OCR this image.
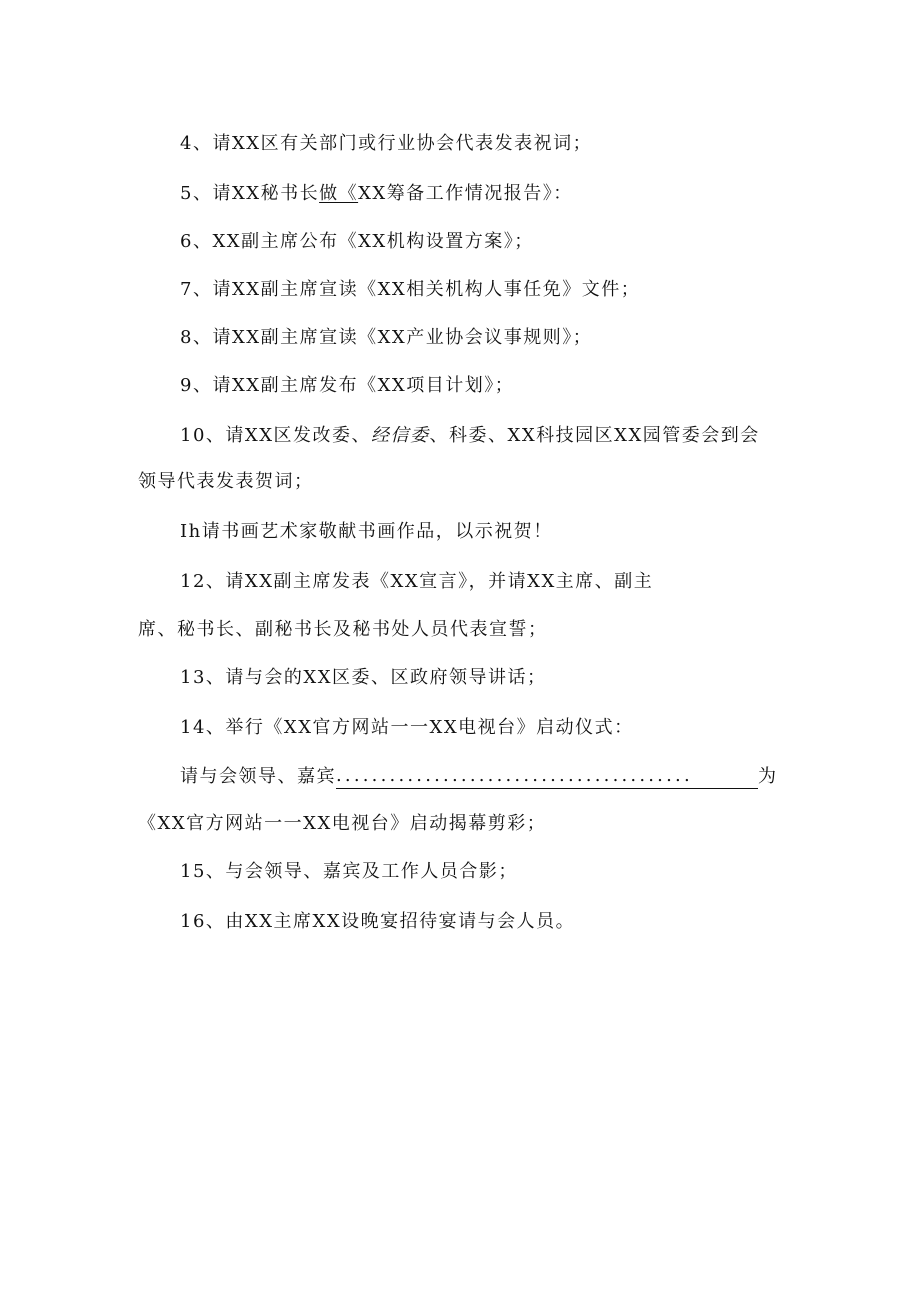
4、请XX区有关部门或行业协会代表发表祝词；
5、请XX秘书长做《XX筹备工作情况报告》：
6、XX副主席公布《XX机构设置方案》；
7、请XX副主席宣读《XX相关机构人事任免》文件；
8、请XX副主席宣读《XX产业协会议事规则》；
9、请XX副主席发布《XX项目计划》；
10、请XX区发改委、经信委、科委、XX科技园区XX园管委会到会
领导代表发表贺词；
Ih请书画艺术家敬献书画作品，以示祝贺！
12、请XX副主席发表《XX宣言》，并请XX主席、副主
席、秘书长、副秘书长及秘书处人员代表宣誓；
13、请与会的XX区委、区政府领导讲话；
14、举行《XX官方网站一一XX电视台》启动仪式：
请与会领导、嘉宾........................................	为
《XX官方网站一一XX电视台》启动揭幕剪彩；
15、与会领导、嘉宾及工作人员合影；
16、由XX主席XX设晚宴招待宴请与会人员。
